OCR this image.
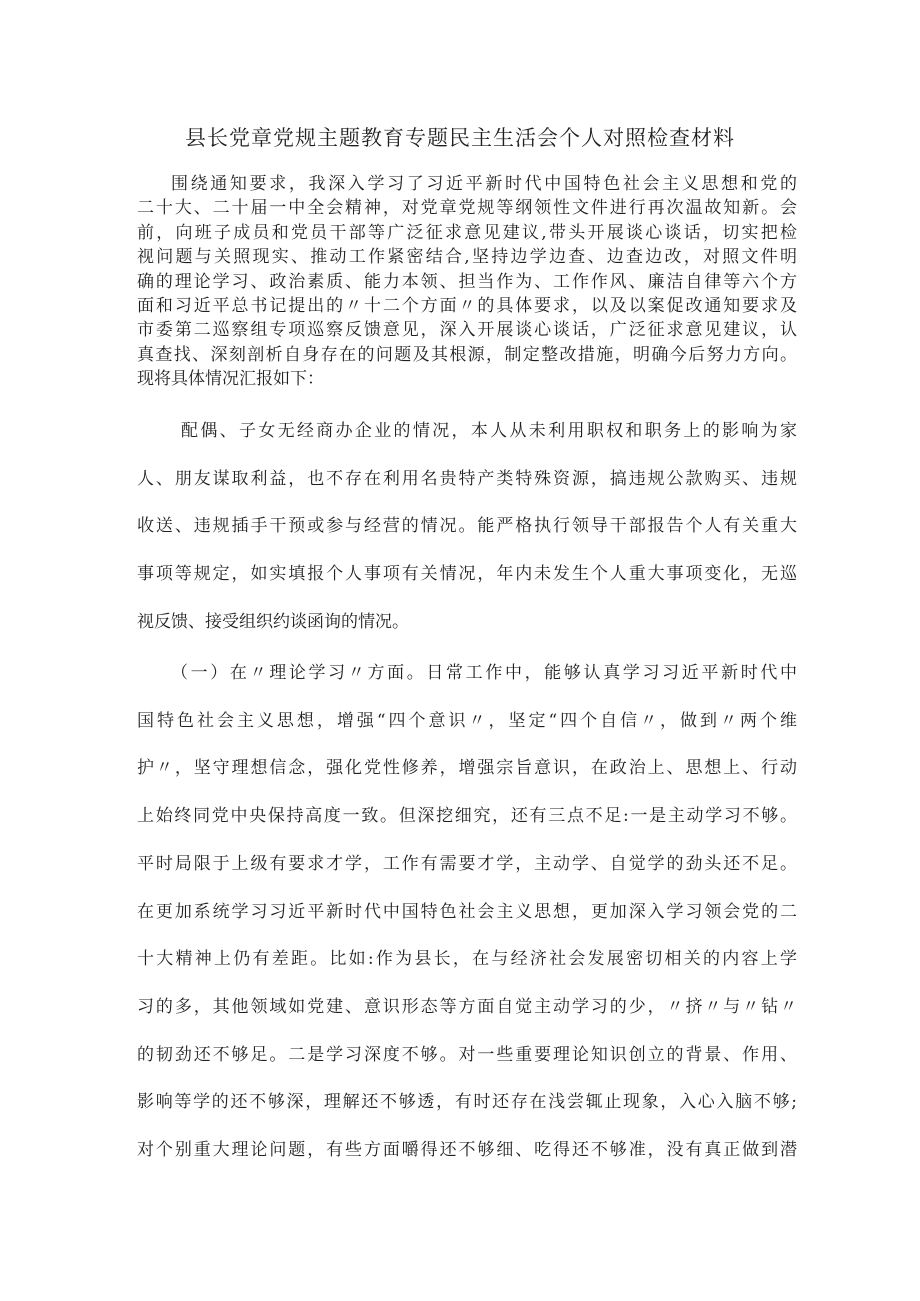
县长党章党规主题教育专题民主生活会个人对照检查材料
围绕通知要求，我深入学习了习近平新时代中国特色社会主义思想和党的
二十大、二十届一中全会精神，对党章党规等纲领性文件进行再次温故知新。会
前，向班子成员和党员干部等广泛征求意见建议,带头开展谈心谈话，切实把检
视问题与关照现实、推动工作紧密结合,坚持边学边查、边查边改，对照文件明
确的理论学习、政治素质、能力本领、担当作为、工作作风、廉洁自律等六个方
面和习近平总书记提出的〃十二个方面〃的具体要求，以及以案促改通知要求及
市委第二巡察组专项巡察反馈意见，深入开展谈心谈话，广泛征求意见建议，认
真查找、深刻剖析自身存在的问题及其根源，制定整改措施，明确今后努力方向。
现将具体情况汇报如下：
配偶、子女无经商办企业的情况，本人从未利用职权和职务上的影响为家
人、朋友谋取利益，也不存在利用名贵特产类特殊资源，搞违规公款购买、违规
收送、违规插手干预或参与经营的情况。能严格执行领导干部报告个人有关重大
事项等规定，如实填报个人事项有关情况，年内未发生个人重大事项变化，无巡
视反馈、接受组织约谈函询的情况。
（一）在〃理论学习〃方面。日常工作中，能够认真学习习近平新时代中
国特色社会主义思想，增强“四个意识〃，坚定“四个自信〃，做到〃两个维
护〃，坚守理想信念，强化党性修养，增强宗旨意识，在政治上、思想上、行动
上始终同党中央保持高度一致。但深挖细究，还有三点不足:一是主动学习不够。
平时局限于上级有要求才学，工作有需要才学，主动学、自觉学的劲头还不足。
在更加系统学习习近平新时代中国特色社会主义思想，更加深入学习领会党的二
十大精神上仍有差距。比如:作为县长，在与经济社会发展密切相关的内容上学
习的多，其他领域如党建、意识形态等方面自觉主动学习的少，〃挤〃与〃钻〃
的韧劲还不够足。二是学习深度不够。对一些重要理论知识创立的背景、作用、
影响等学的还不够深，理解还不够透，有时还存在浅尝辄止现象，入心入脑不够;
对个别重大理论问题，有些方面嚼得还不够细、吃得还不够准，没有真正做到潜
